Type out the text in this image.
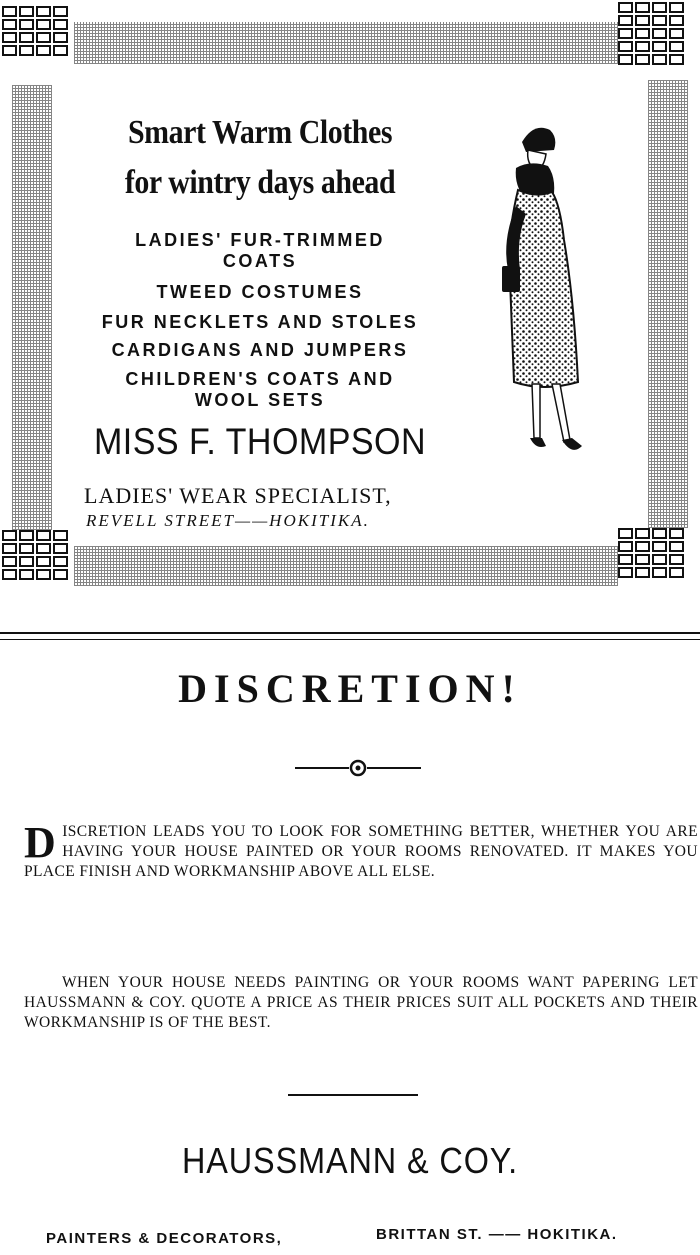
Smart Warm Clothes

for wintry days ahead

LADIES' FUR-TRIMMED

COATS

TWEED COSTUMES

FUR NECKLETS AND STOLES

CARDIGANS AND JUMPERS

CHILDREN'S COATS AND

WOOL SETS

MISS F. THOMPSON

LADIES' WEAR SPECIALIST,

REVELL STREET——HOKITIKA.

DISCRETION!

DISCRETION LEADS YOU TO LOOK FOR SOMETHING BETTER, WHETHER YOU ARE HAVING YOUR HOUSE PAINTED OR YOUR ROOMS RENOVATED. IT MAKES YOU PLACE FINISH AND WORKMANSHIP ABOVE ALL ELSE.

WHEN YOUR HOUSE NEEDS PAINTING OR YOUR ROOMS WANT PAPERING LET HAUSSMANN & COY. QUOTE A PRICE AS THEIR PRICES SUIT ALL POCKETS AND THEIR WORKMANSHIP IS OF THE BEST.

HAUSSMANN & COY.
PAINTERS & DECORATORS,	BRITTAN ST. —— HOKITIKA.
